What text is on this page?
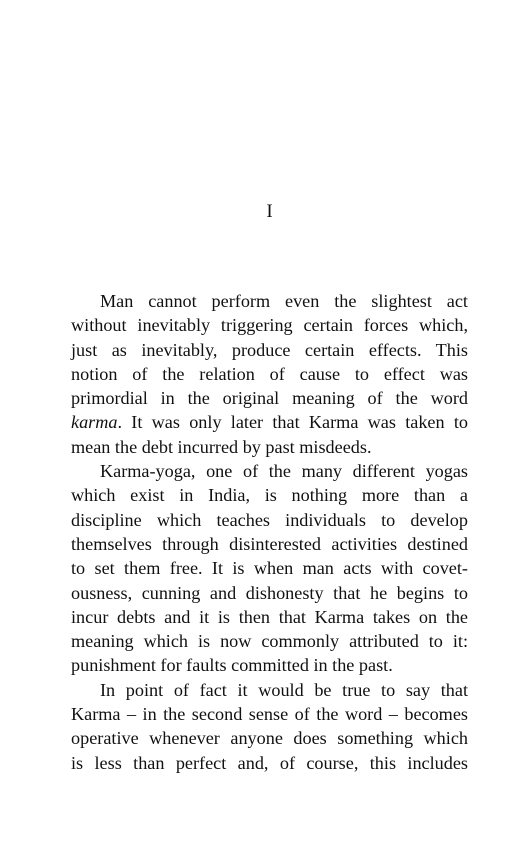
I
Man cannot perform even the slightest act
without inevitably triggering certain forces which,
just as inevitably, produce certain effects. This
notion of the relation of cause to effect was
primordial in the original meaning of the word
karma. It was only later that Karma was taken to
mean the debt incurred by past misdeeds.
Karma-yoga, one of the many different yogas
which exist in India, is nothing more than a
discipline which teaches individuals to develop
themselves through disinterested activities destined
to set them free. It is when man acts with covet-
ousness, cunning and dishonesty that he begins to
incur debts and it is then that Karma takes on the
meaning which is now commonly attributed to it:
punishment for faults committed in the past.
In point of fact it would be true to say that
Karma – in the second sense of the word – becomes
operative whenever anyone does something which
is less than perfect and, of course, this includes
